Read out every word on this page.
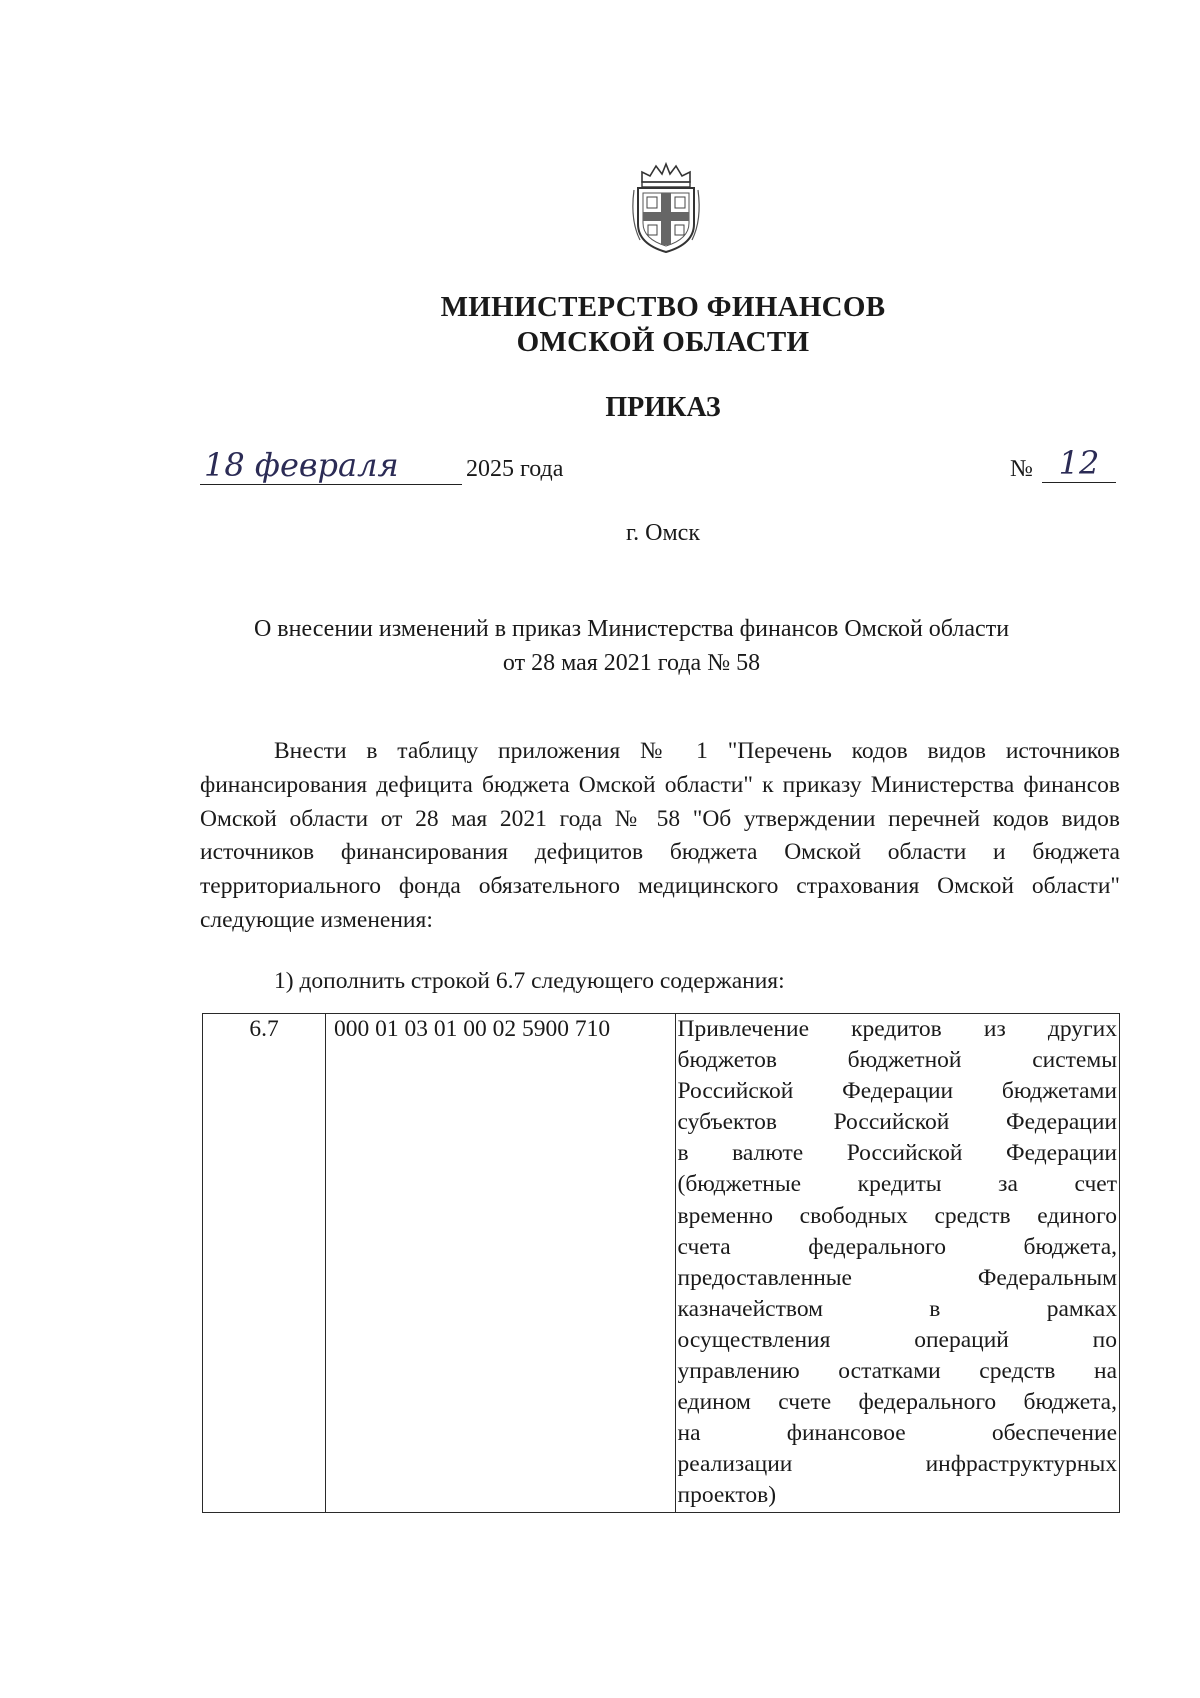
МИНИСТЕРСТВО ФИНАНСОВ
ОМСКОЙ ОБЛАСТИ
ПРИКАЗ
18 февраля	2025 года	№ 12
г. Омск
О внесении изменений в приказ Министерства финансов Омской области
от 28 мая 2021 года № 58
Внести в таблицу приложения № 1 "Перечень кодов видов источников финансирования дефицита бюджета Омской области" к приказу Министерства финансов Омской области от 28 мая 2021 года № 58 "Об утверждении перечней кодов видов источников финансирования дефицитов бюджета Омской области и бюджета территориального фонда обязательного медицинского страхования Омской области" следующие изменения:
1) дополнить строкой 6.7 следующего содержания:
6.7	000 01 03 01 00 02 5900 710	Привлечение кредитов из других
бюджетов бюджетной системы
Российской Федерации бюджетами
субъектов Российской Федерации
в валюте Российской Федерации
(бюджетные кредиты за счет
временно свободных средств единого
счета федерального бюджета,
предоставленные Федеральным
казначейством в рамках
осуществления операций по
управлению остатками средств на
едином счете федерального бюджета,
на финансовое обеспечение
реализации инфраструктурных
проектов)
